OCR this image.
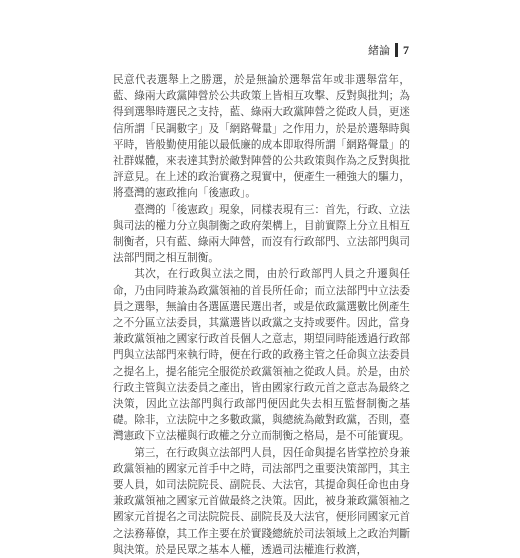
緒論 7

民意代表選舉上之勝選，於是無論於選舉當年或非選舉當年，藍、綠兩大政黨陣營於公共政策上皆相互攻擊、反對與批判；為得到選舉時選民之支持，藍、綠兩大政黨陣營之從政人員，更迷信所謂「民調數字」及「網路聲量」之作用力，於是於選舉時與平時，皆般勤使用能以最低廉的成本即取得所謂「網路聲量」的社群媒體，來表達其對於敵對陣營的公共政策與作為之反對與批評意見。在上述的政治實務之現實中，便產生一種強大的驅力，將臺灣的憲政推向「後憲政」。

臺灣的「後憲政」現象，同樣表現有三：首先，行政、立法與司法的權力分立與制衡之政府架構上，目前實際上分立且相互制衡者，只有藍、綠兩大陣營，而沒有行政部門、立法部門與司法部門間之相互制衡。

其次，在行政與立法之間，由於行政部門人員之升遷與任命，乃由同時兼為政黨領袖的首長所任命；而立法部門中立法委員之選舉，無論由各選區選民選出者，或是依政黨選數比例產生之不分區立法委員，其黨選皆以政黨之支持或要件。因此，當身兼政黨領袖之國家行政首長個人之意志，期望同時能透過行政部門與立法部門來執行時，便在行政的政務主管之任命與立法委員之提名上，提名能完全服從於政黨領袖之從政人員。於是，由於行政主管與立法委員之產出，皆由國家行政元首之意志為最終之決策，因此立法部門與行政部門便因此失去相互監督制衡之基礎。除非，立法院中之多數政黨，與總統為敵對政黨，否則，臺灣憲政下立法權與行政權之分立而制衡之格局，是不可能實現。

第三，在行政與立法部門人員，因任命與提名皆掌控於身兼政黨領袖的國家元首手中之時，司法部門之重要決策部門，其主要人員，如司法院院長、副院長、大法官，其提命與任命也由身兼政黨領袖之國家元首做最終之決策。因此，被身兼政黨領袖之國家元首提名之司法院院長、副院長及大法官，便形同國家元首之法務幕僚，其工作主要在於實踐總統於司法領域上之政治判斷與決策。於是民眾之基本人權，透過司法權進行救濟，
